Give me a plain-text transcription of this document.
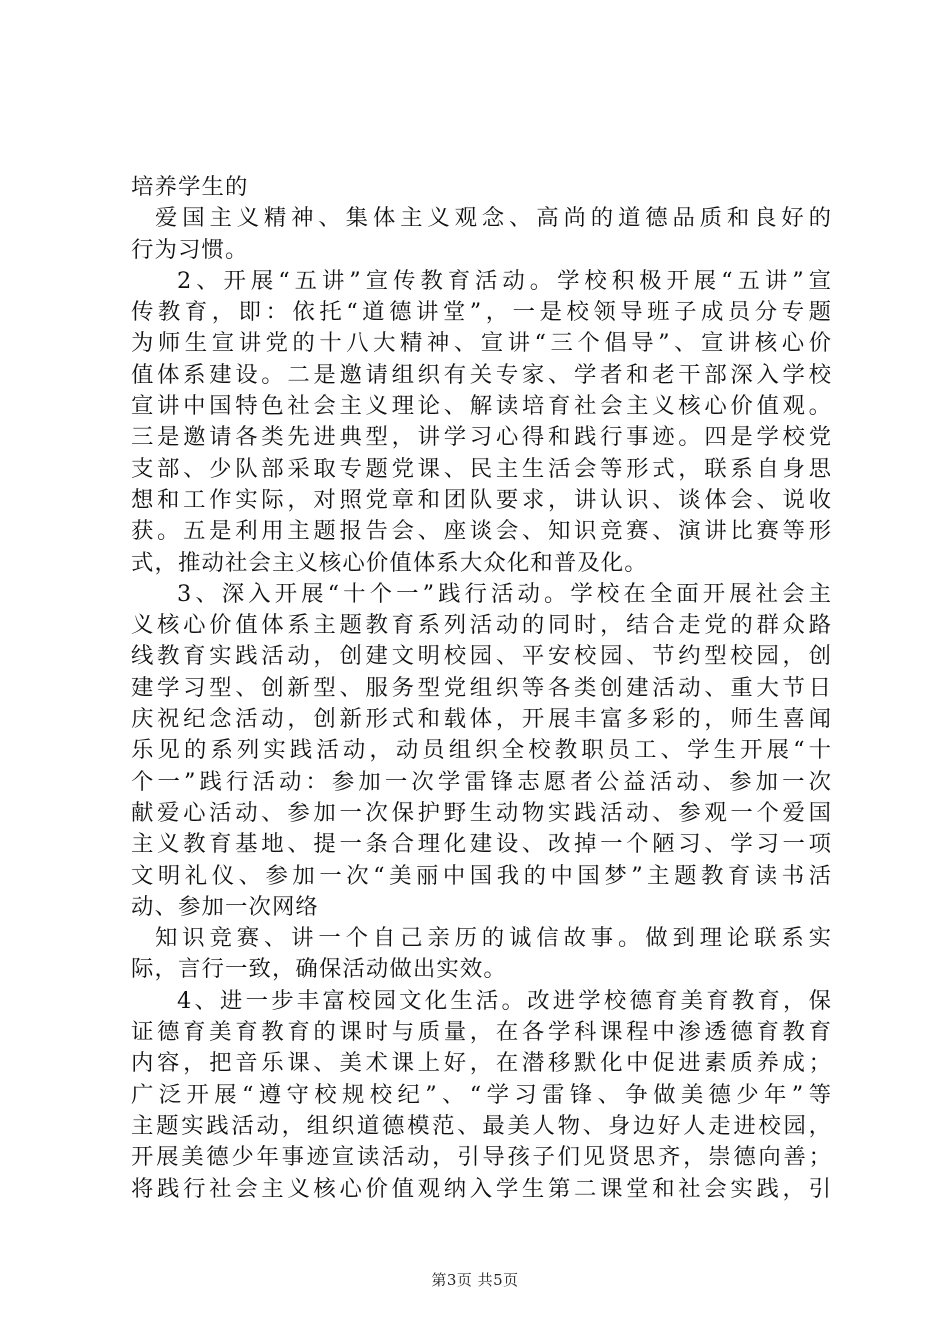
培养学生的
爱国主义精神、集体主义观念、高尚的道德品质和良好的
行为习惯。
2、开展“五讲”宣传教育活动。学校积极开展“五讲”宣
传教育，即：依托“道德讲堂”，一是校领导班子成员分专题
为师生宣讲党的十八大精神、宣讲“三个倡导”、宣讲核心价
值体系建设。二是邀请组织有关专家、学者和老干部深入学校
宣讲中国特色社会主义理论、解读培育社会主义核心价值观。
三是邀请各类先进典型，讲学习心得和践行事迹。四是学校党
支部、少队部采取专题党课、民主生活会等形式，联系自身思
想和工作实际，对照党章和团队要求，讲认识、谈体会、说收
获。五是利用主题报告会、座谈会、知识竞赛、演讲比赛等形
式，推动社会主义核心价值体系大众化和普及化。
3、深入开展“十个一”践行活动。学校在全面开展社会主
义核心价值体系主题教育系列活动的同时，结合走党的群众路
线教育实践活动，创建文明校园、平安校园、节约型校园，创
建学习型、创新型、服务型党组织等各类创建活动、重大节日
庆祝纪念活动，创新形式和载体，开展丰富多彩的，师生喜闻
乐见的系列实践活动，动员组织全校教职员工、学生开展“十
个一”践行活动：参加一次学雷锋志愿者公益活动、参加一次
献爱心活动、参加一次保护野生动物实践活动、参观一个爱国
主义教育基地、提一条合理化建设、改掉一个陋习、学习一项
文明礼仪、参加一次“美丽中国我的中国梦”主题教育读书活
动、参加一次网络
知识竞赛、讲一个自己亲历的诚信故事。做到理论联系实
际，言行一致，确保活动做出实效。
4、进一步丰富校园文化生活。改进学校德育美育教育，保
证德育美育教育的课时与质量，在各学科课程中渗透德育教育
内容，把音乐课、美术课上好，在潜移默化中促进素质养成；
广泛开展“遵守校规校纪”、“学习雷锋、争做美德少年”等
主题实践活动，组织道德模范、最美人物、身边好人走进校园，
开展美德少年事迹宣读活动，引导孩子们见贤思齐，崇德向善；
将践行社会主义核心价值观纳入学生第二课堂和社会实践，引
第3页 共5页
